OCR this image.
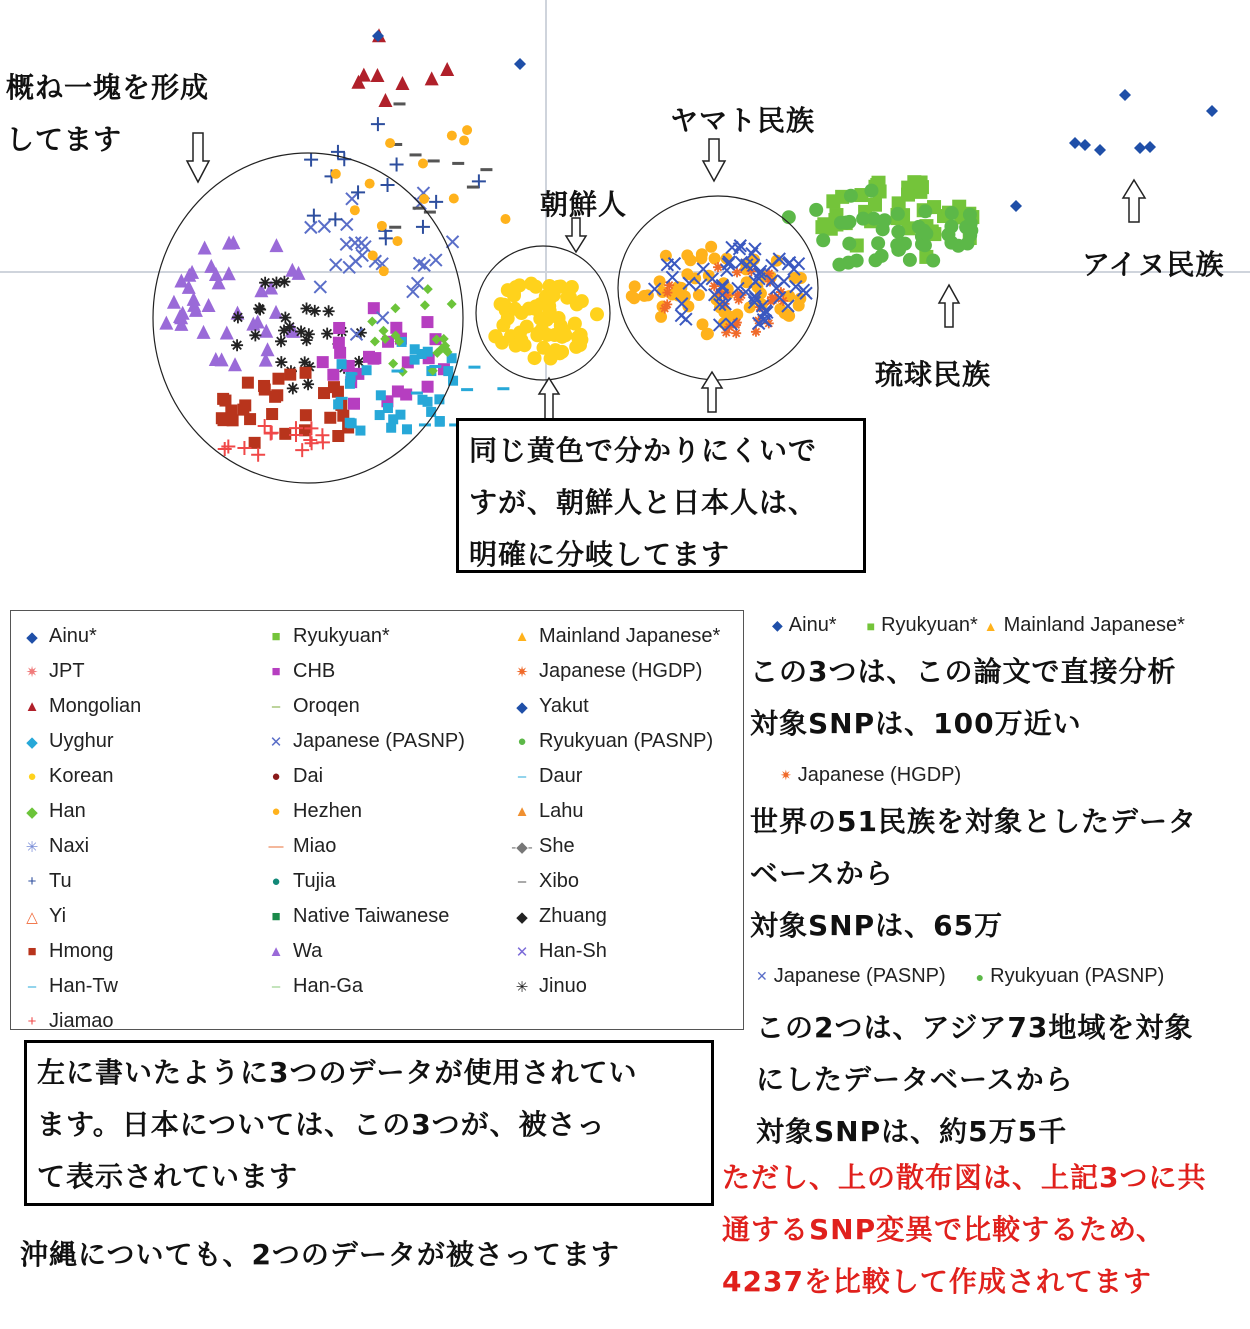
概ね一塊を形成
してます
朝鮮人
ヤマト民族
アイヌ民族
琉球民族
同じ黄色で分かりにくいで
すが、朝鮮人と日本人は、
明確に分岐してます
◆ Ainu*
✷ JPT
▲ Mongolian
◆ Uyghur
● Korean
◆ Han
✳ Naxi
+ Tu
△ Yi
■ Hmong
– Han-Tw
+ Jiamao
■ Ryukyuan*
■ CHB
– Oroqen
✕ Japanese (PASNP)
● Dai
● Hezhen
— Miao
● Tujia
■ Native Taiwanese
▲ Wa
– Han-Ga
▲ Mainland Japanese*
✷ Japanese (HGDP)
◆ Yakut
● Ryukyuan (PASNP)
– Daur
▲ Lahu
-◆- She
– Xibo
◆ Zhuang
✕ Han-Sh
✳ Jinuo
◆ Ainu* ■ Ryukyuan* ▲ Mainland Japanese*
この3つは、この論文で直接分析
対象SNPは、100万近い
✷ Japanese (HGDP)
世界の51民族を対象としたデータ
ベースから
対象SNPは、65万
✕ Japanese (PASNP) ● Ryukyuan (PASNP)
この2つは、アジア73地域を対象
にしたデータベースから
対象SNPは、約5万5千
ただし、上の散布図は、上記3つに共
通するSNP変異で比較するため、
4237を比較して作成されてます
左に書いたように3つのデータが使用されてい
ます。日本については、この3つが、被さっ
て表示されています
沖縄についても、2つのデータが被さってます
